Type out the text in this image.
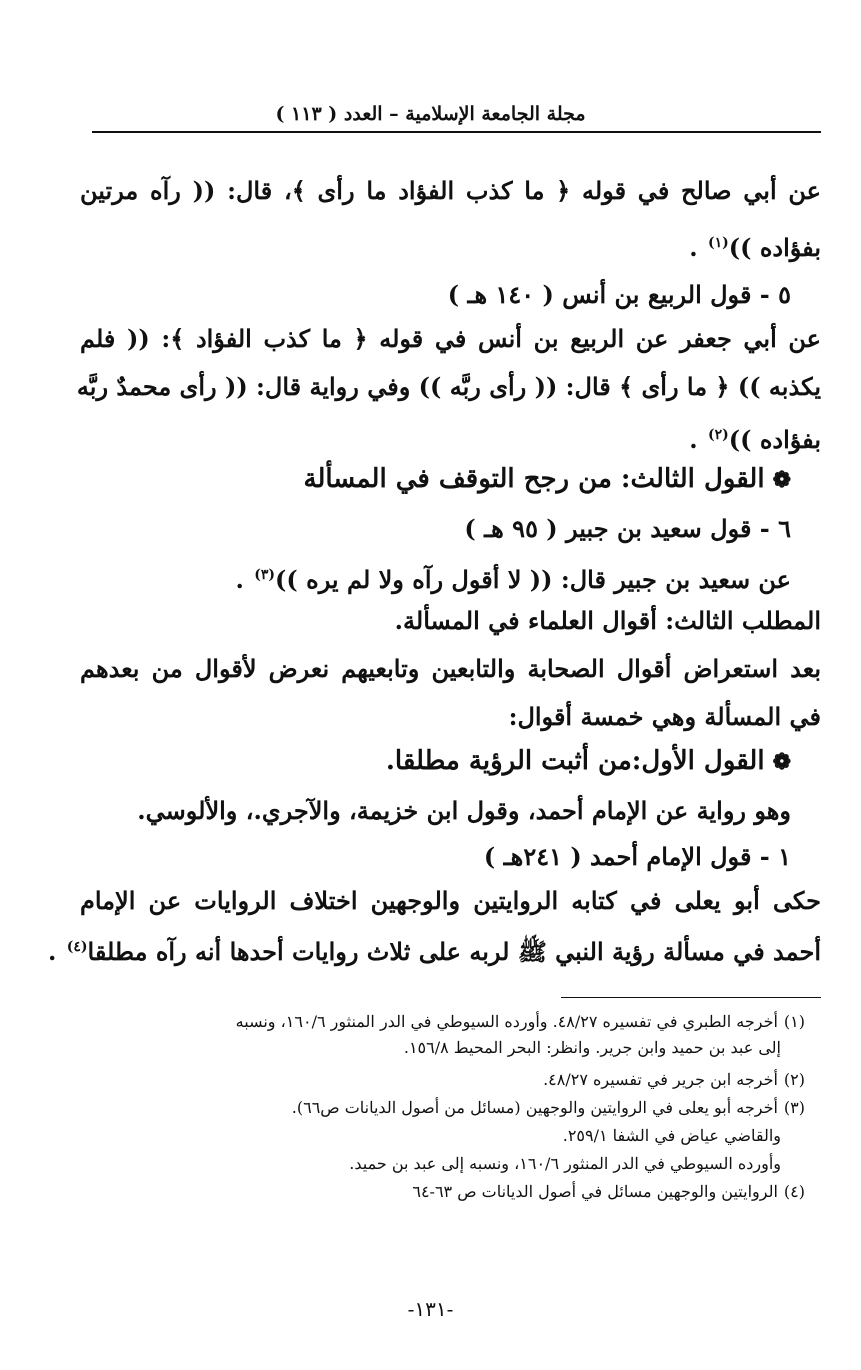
مجلة الجامعة الإسلامية – العدد ( ١١٣ )
عن أبي صالح في قوله ﴿ ما كذب الفؤاد ما رأى ﴾، قال: (( رآه مرتين
بفؤاده ))$^{(١)}$ .
٥ - قول الربيع بن أنس ( ١٤٠ هـ )
عن أبي جعفر عن الربيع بن أنس في قوله ﴿ ما كذب الفؤاد ﴾: (( فلم
يكذبه )) ﴿ ما رأى ﴾ قال: (( رأى ربَّه )) وفي رواية قال: (( رأى محمدٌ ربَّه
بفؤاده ))$^{(٢)}$ .
❁القول الثالث: من رجح التوقف في المسألة
٦ - قول سعيد بن جبير ( ٩٥ هـ )
عن سعيد بن جبير قال: (( لا أقول رآه ولا لم يره ))$^{(٣)}$ .
المطلب الثالث: أقوال العلماء في المسألة.
بعد استعراض أقوال الصحابة والتابعين وتابعيهم نعرض لأقوال من بعدهم
في المسألة وهي خمسة أقوال:
❁القول الأول:من أثبت الرؤية مطلقا.
وهو رواية عن الإمام أحمد، وقول ابن خزيمة، والآجري.، والألوسي.
١ - قول الإمام أحمد ( ٢٤١هـ )
حكى أبو يعلى في كتابه الروايتين والوجهين اختلاف الروايات عن الإمام
أحمد في مسألة رؤية النبي ﷺ لربه على ثلاث روايات أحدها أنه رآه مطلقا$^{(٤)}$ .
(١)أخرجه الطبري في تفسيره ٤٨/٢٧. وأورده السيوطي في الدر المنثور ١٦٠/٦، ونسبه
إلى عبد بن حميد وابن جرير. وانظر: البحر المحيط ١٥٦/٨.
(٢)أخرجه ابن جرير في تفسيره ٤٨/٢٧.
(٣)أخرجه أبو يعلى في الروايتين والوجهين (مسائل من أصول الديانات ص٦٦).
والقاضي عياض في الشفا ٢٥٩/١.
وأورده السيوطي في الدر المنثور ١٦٠/٦، ونسبه إلى عبد بن حميد.
(٤)الروايتين والوجهين مسائل في أصول الديانات ص ٦٣-٦٤
-١٣١-
